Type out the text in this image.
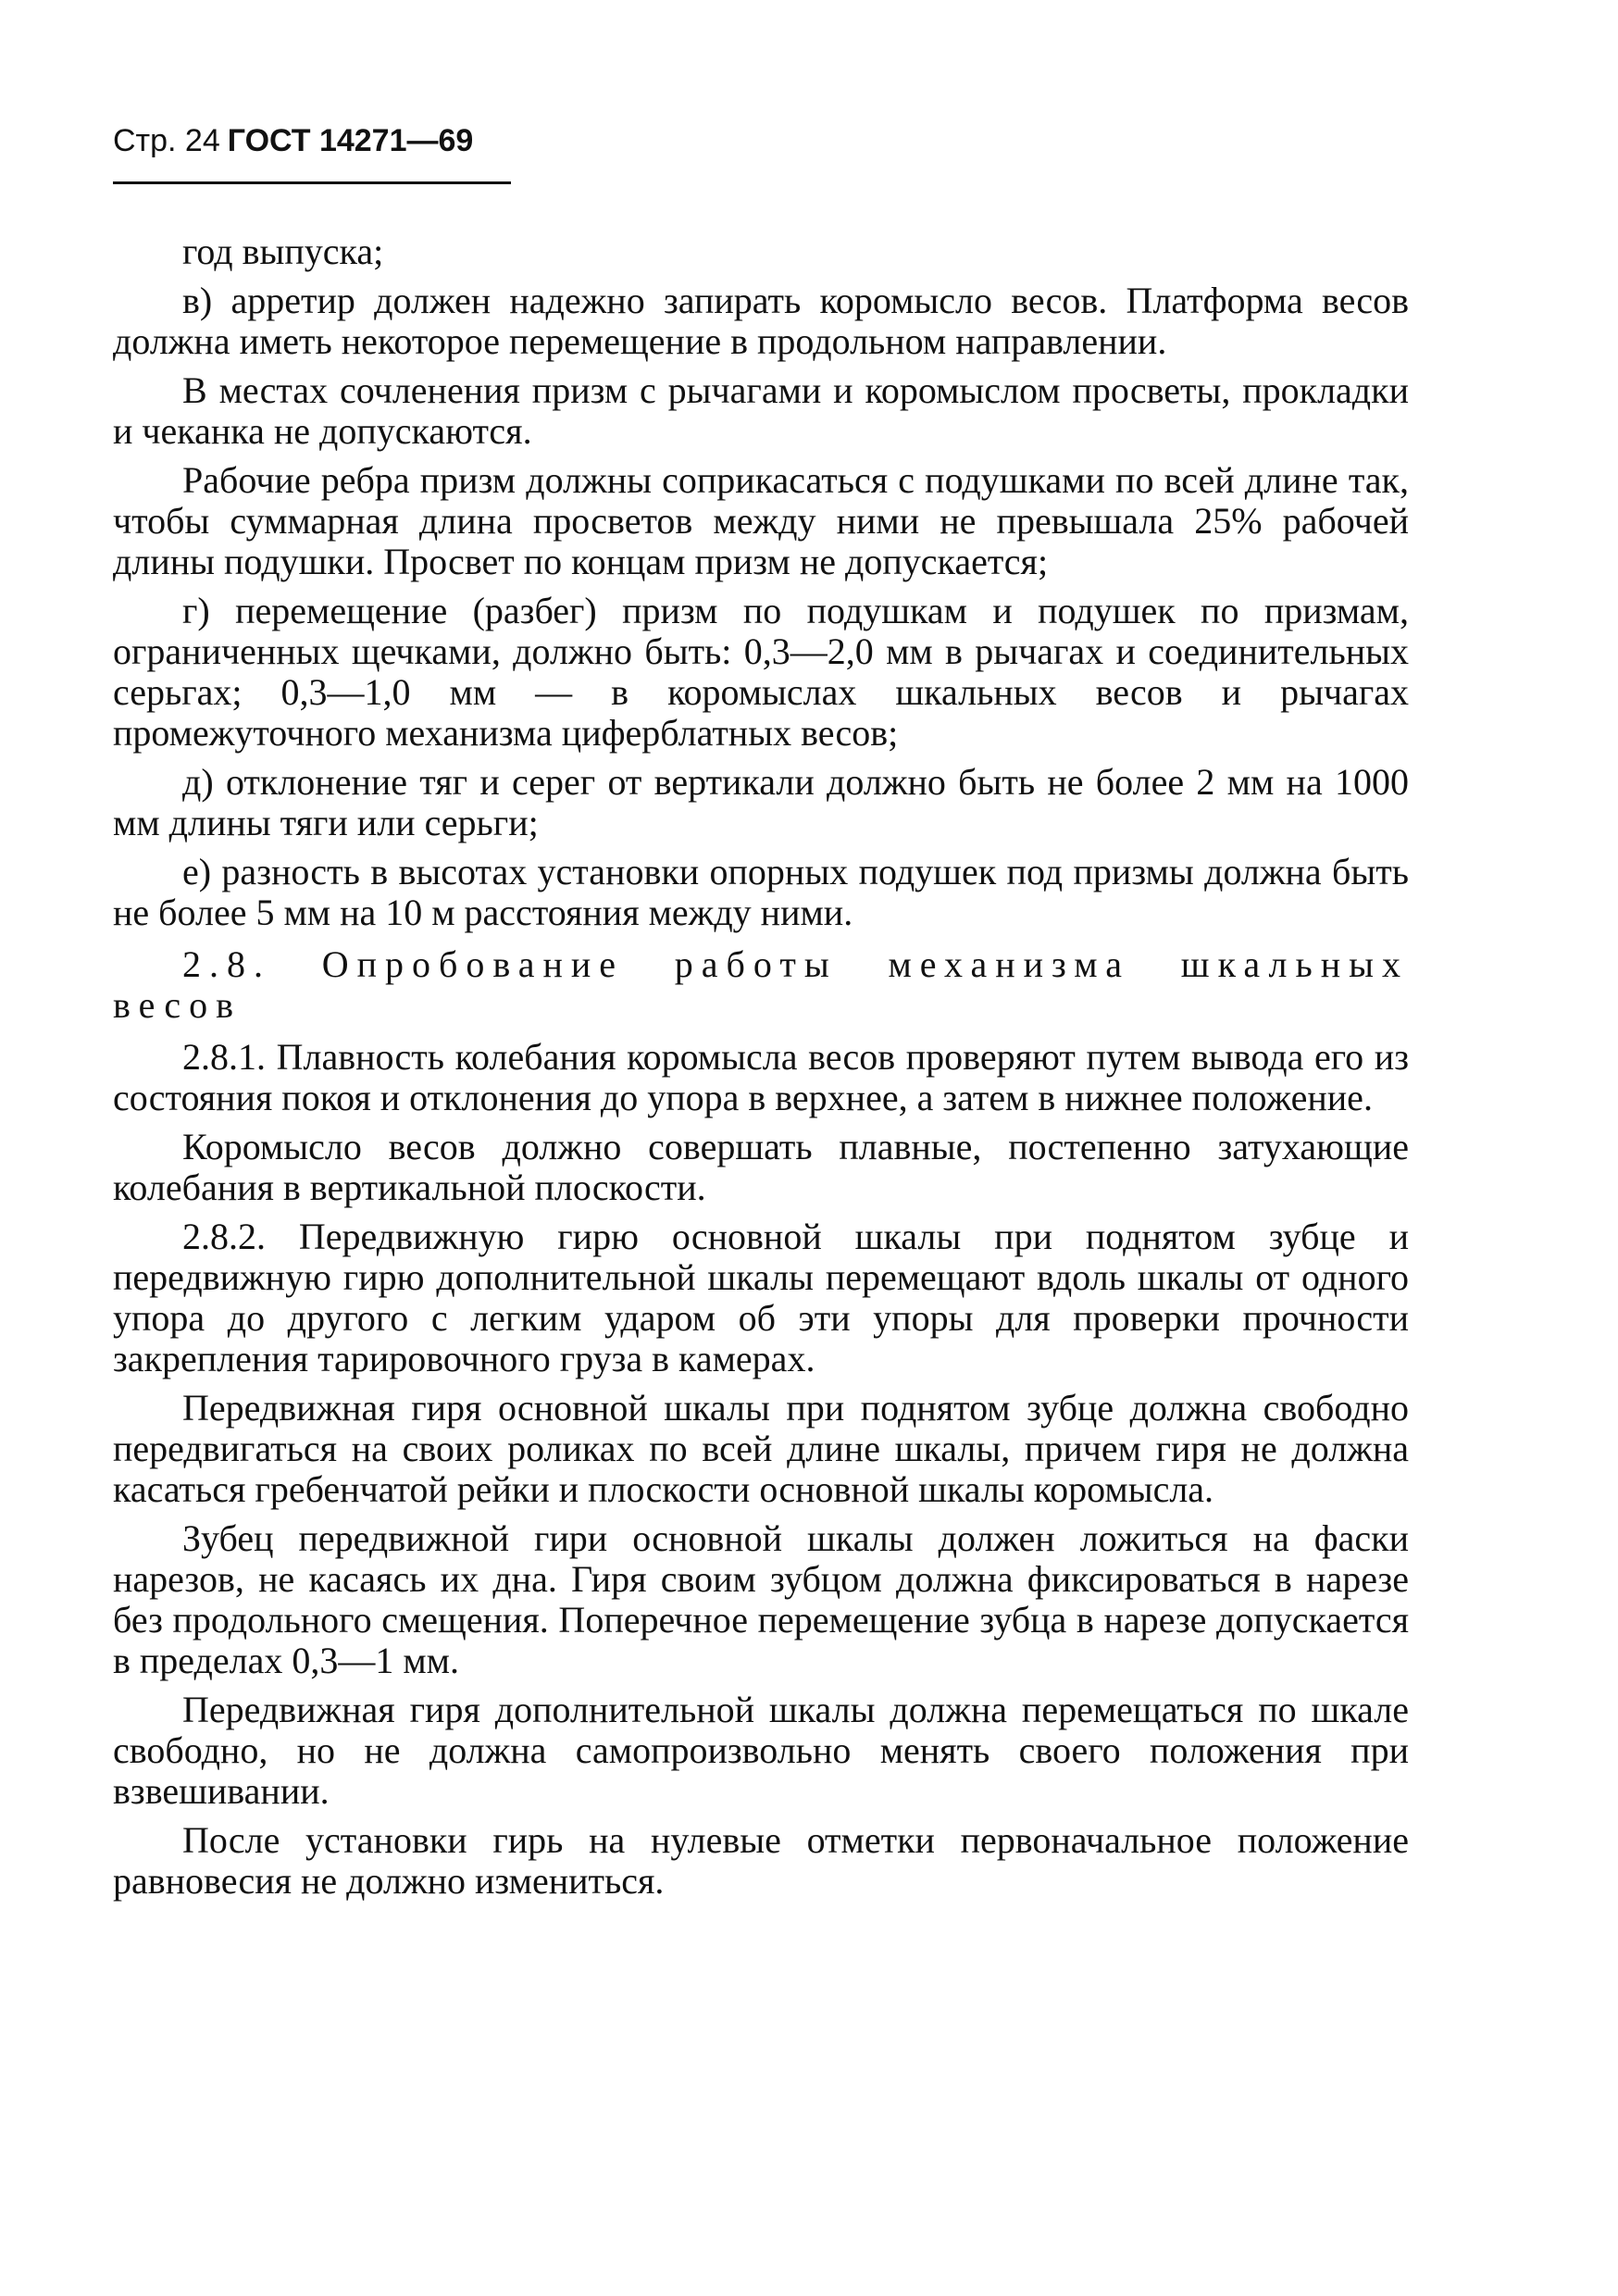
Стр. 24 ГОСТ 14271—69

год выпуска;

в) арретир должен надежно запирать коромысло весов. Платформа весов должна иметь некоторое перемещение в продольном направлении.

В местах сочленения призм с рычагами и коромыслом просветы, прокладки и чеканка не допускаются.

Рабочие ребра призм должны соприкасаться с подушками по всей длине так, чтобы суммарная длина просветов между ними не превышала 25% рабочей длины подушки. Просвет по концам призм не допускается;

г) перемещение (разбег) призм по подушкам и подушек по призмам, ограниченных щечками, должно быть: 0,3—2,0 мм в рычагах и соединительных серьгах; 0,3—1,0 мм — в коромыслах шкальных весов и рычагах промежуточного механизма циферблатных весов;

д) отклонение тяг и серег от вертикали должно быть не более 2 мм на 1000 мм длины тяги или серьги;

е) разность в высотах установки опорных подушек под призмы должна быть не более 5 мм на 10 м расстояния между ними.

2.8. Опробование работы механизма шкальных весов

2.8.1. Плавность колебания коромысла весов проверяют путем вывода его из состояния покоя и отклонения до упора в верхнее, а затем в нижнее положение.

Коромысло весов должно совершать плавные, постепенно затухающие колебания в вертикальной плоскости.

2.8.2. Передвижную гирю основной шкалы при поднятом зубце и передвижную гирю дополнительной шкалы перемещают вдоль шкалы от одного упора до другого с легким ударом об эти упоры для проверки прочности закрепления тарировочного груза в камерах.

Передвижная гиря основной шкалы при поднятом зубце должна свободно передвигаться на своих роликах по всей длине шкалы, причем гиря не должна касаться гребенчатой рейки и плоскости основной шкалы коромысла.

Зубец передвижной гири основной шкалы должен ложиться на фаски нарезов, не касаясь их дна. Гиря своим зубцом должна фиксироваться в нарезе без продольного смещения. Поперечное перемещение зубца в нарезе допускается в пределах 0,3—1 мм.

Передвижная гиря дополнительной шкалы должна перемещаться по шкале свободно, но не должна самопроизвольно менять своего положения при взвешивании.

После установки гирь на нулевые отметки первоначальное положение равновесия не должно измениться.
